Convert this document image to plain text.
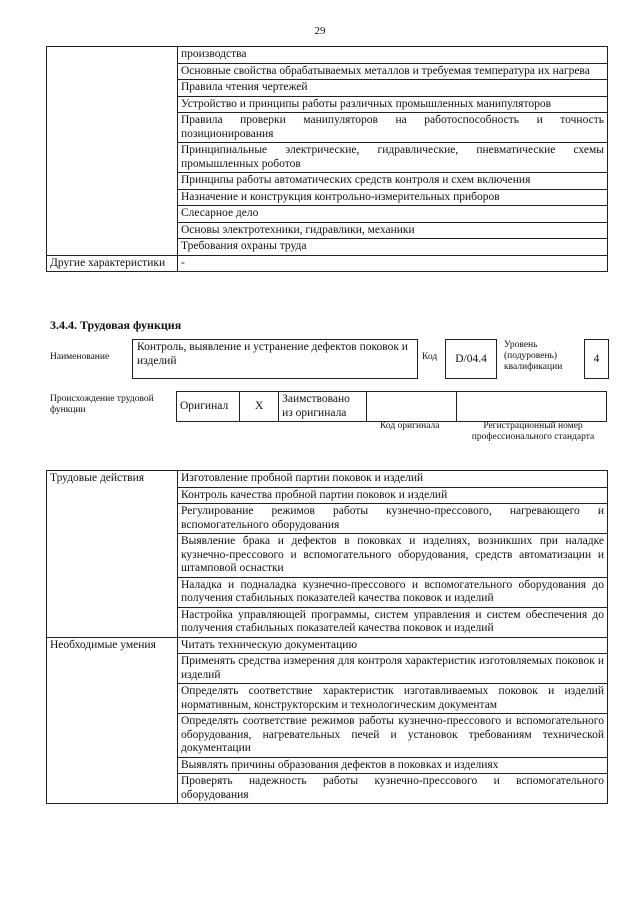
29
	производства
	Основные свойства обрабатываемых металлов и требуемая температура их нагрева
	Правила чтения чертежей
	Устройство и принципы работы различных промышленных манипуляторов
	Правила проверки манипуляторов на работоспособность и точность позиционирования
	Принципиальные электрические, гидравлические, пневматические схемы промышленных роботов
	Принципы работы автоматических средств контроля и схем включения
	Назначение и конструкция контрольно-измерительных приборов
	Слесарное дело
	Основы электротехники, гидравлики, механики
	Требования охраны труда
Другие характеристики	-
3.4.4. Трудовая функция
Наименование
Контроль, выявление и устранение дефектов поковок и изделий	Код	D/04.4
Уровень (подуровень) квалификации
4
Происхождение трудовой функции	Оригинал	X	Заимствовано из оригинала		
Код оригинала	Регистрационный номер профессионального стандарта
Трудовые действия	Изготовление пробной партии поковок и изделий
	Контроль качества пробной партии поковок и изделий
	Регулирование режимов работы кузнечно-прессового, нагревающего и вспомогательного оборудования
	Выявление брака и дефектов в поковках и изделиях, возникших при наладке кузнечно-прессового и вспомогательного оборудования, средств автоматизации и штамповой оснастки
	Наладка и подналадка кузнечно-прессового и вспомогательного оборудования до получения стабильных показателей качества поковок и изделий
	Настройка управляющей программы, систем управления и систем обеспечения до получения стабильных показателей качества поковок и изделий
Необходимые умения	Читать техническую документацию
	Применять средства измерения для контроля характеристик изготовляемых поковок и изделий
	Определять соответствие характеристик изготавливаемых поковок и изделий нормативным, конструкторским и технологическим документам
	Определять соответствие режимов работы кузнечно-прессового и вспомогательного оборудования, нагревательных печей и установок требованиям технической документации
	Выявлять причины образования дефектов в поковках и изделиях
	Проверять надежность работы кузнечно-прессового и вспомогательного оборудования
